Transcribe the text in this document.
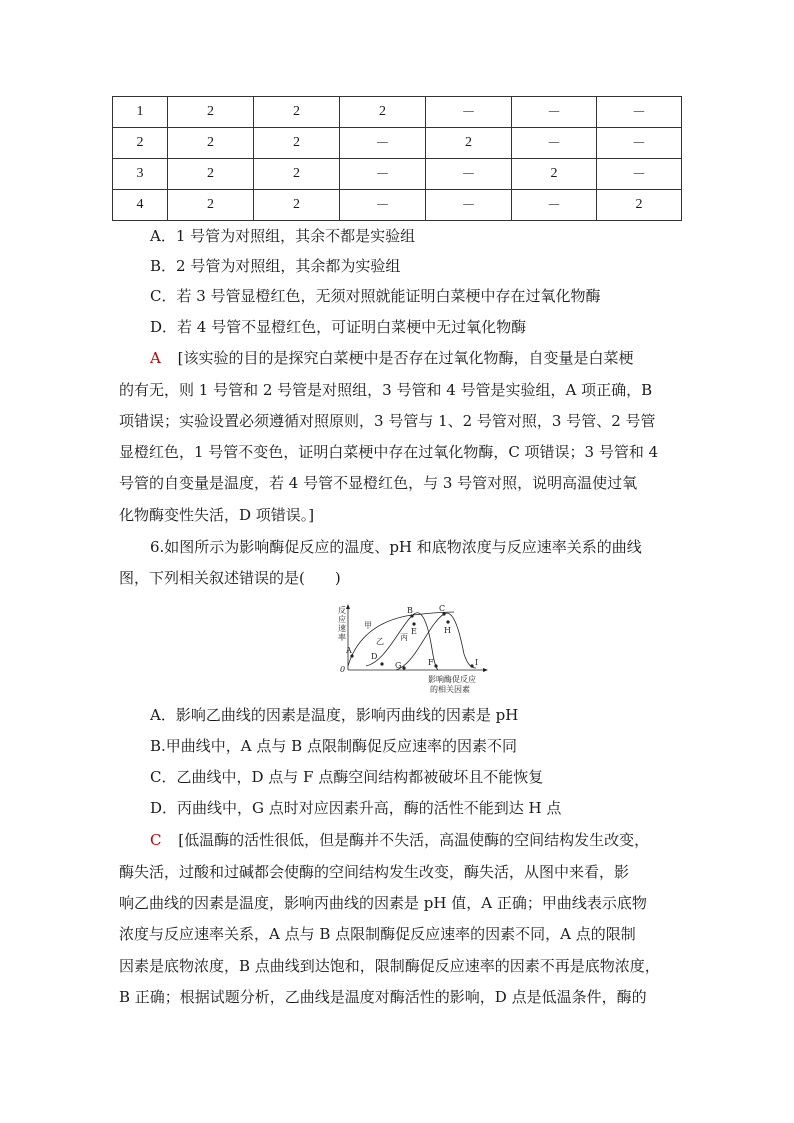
1	2	2	2	－	－	－
2	2	2	－	2	－	－
3	2	2	－	－	2	－
4	2	2	－	－	－	2
A．1 号管为对照组，其余不都是实验组
B．2 号管为对照组，其余都为实验组
C．若 3 号管显橙红色，无须对照就能证明白菜梗中存在过氧化物酶
D．若 4 号管不显橙红色，可证明白菜梗中无过氧化物酶
A [该实验的目的是探究白菜梗中是否存在过氧化物酶，自变量是白菜梗
的有无，则 1 号管和 2 号管是对照组，3 号管和 4 号管是实验组，A 项正确，B
项错误；实验设置必须遵循对照原则，3 号管与 1、2 号管对照，3 号管、2 号管
显橙红色，1 号管不变色，证明白菜梗中存在过氧化物酶，C 项错误；3 号管和 4
号管的自变量是温度，若 4 号管不显橙红色，与 3 号管对照，说明高温使过氧
化物酶变性失活，D 项错误。]
6.如图所示为影响酶促反应的温度、pH 和底物浓度与反应速率关系的曲线
图，下列相关叙述错误的是(　　)
反
应
速
率
0
甲
乙 丙
A
B	C
D
E
F
G
H
I
影响酶促反应
的相关因素
A．影响乙曲线的因素是温度，影响丙曲线的因素是 pH
B.甲曲线中，A 点与 B 点限制酶促反应速率的因素不同
C．乙曲线中，D 点与 F 点酶空间结构都被破坏且不能恢复
D．丙曲线中，G 点时对应因素升高，酶的活性不能到达 H 点
C [低温酶的活性很低，但是酶并不失活，高温使酶的空间结构发生改变，
酶失活，过酸和过碱都会使酶的空间结构发生改变，酶失活，从图中来看，影
响乙曲线的因素是温度，影响丙曲线的因素是 pH 值，A 正确；甲曲线表示底物
浓度与反应速率关系，A 点与 B 点限制酶促反应速率的因素不同，A 点的限制
因素是底物浓度，B 点曲线到达饱和，限制酶促反应速率的因素不再是底物浓度，
B 正确；根据试题分析，乙曲线是温度对酶活性的影响，D 点是低温条件，酶的
